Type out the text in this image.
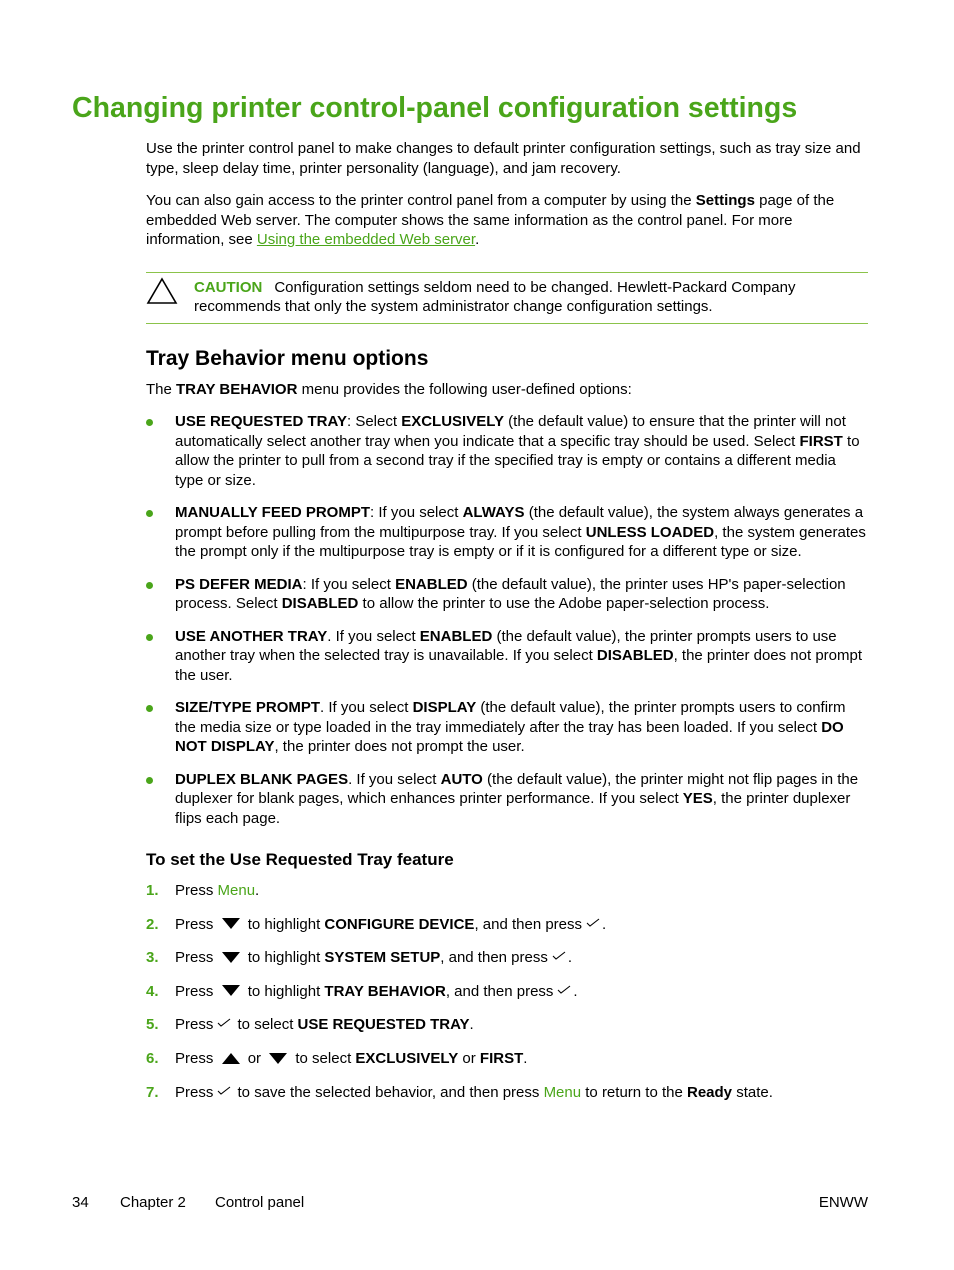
Changing printer control-panel configuration settings

Use the printer control panel to make changes to default printer configuration settings, such as tray size and type, sleep delay time, printer personality (language), and jam recovery.

You can also gain access to the printer control panel from a computer by using the Settings page of the embedded Web server. The computer shows the same information as the control panel. For more information, see Using the embedded Web server.

CAUTION Configuration settings seldom need to be changed. Hewlett-Packard Company recommends that only the system administrator change configuration settings.
Tray Behavior menu options

The TRAY BEHAVIOR menu provides the following user-defined options:

USE REQUESTED TRAY: Select EXCLUSIVELY (the default value) to ensure that the printer will not automatically select another tray when you indicate that a specific tray should be used. Select FIRST to allow the printer to pull from a second tray if the specified tray is empty or contains a different media type or size.
MANUALLY FEED PROMPT: If you select ALWAYS (the default value), the system always generates a prompt before pulling from the multipurpose tray. If you select UNLESS LOADED, the system generates the prompt only if the multipurpose tray is empty or if it is configured for a different type or size.
PS DEFER MEDIA: If you select ENABLED (the default value), the printer uses HP's paper-selection process. Select DISABLED to allow the printer to use the Adobe paper-selection process.
USE ANOTHER TRAY. If you select ENABLED (the default value), the printer prompts users to use another tray when the selected tray is unavailable. If you select DISABLED, the printer does not prompt the user.
SIZE/TYPE PROMPT. If you select DISPLAY (the default value), the printer prompts users to confirm the media size or type loaded in the tray immediately after the tray has been loaded. If you select DO NOT DISPLAY, the printer does not prompt the user.
DUPLEX BLANK PAGES. If you select AUTO (the default value), the printer might not flip pages in the duplexer for blank pages, which enhances printer performance. If you select YES, the printer duplexer flips each page.
To set the Use Requested Tray feature
1. Press Menu.
2. Press to highlight CONFIGURE DEVICE, and then press .
3. Press to highlight SYSTEM SETUP, and then press .
4. Press to highlight TRAY BEHAVIOR, and then press .
5. Press to select USE REQUESTED TRAY.
6. Press or to select EXCLUSIVELY or FIRST.
7. Press to save the selected behavior, and then press Menu to return to the Ready state.
34 Chapter 2 Control panel	ENWW
